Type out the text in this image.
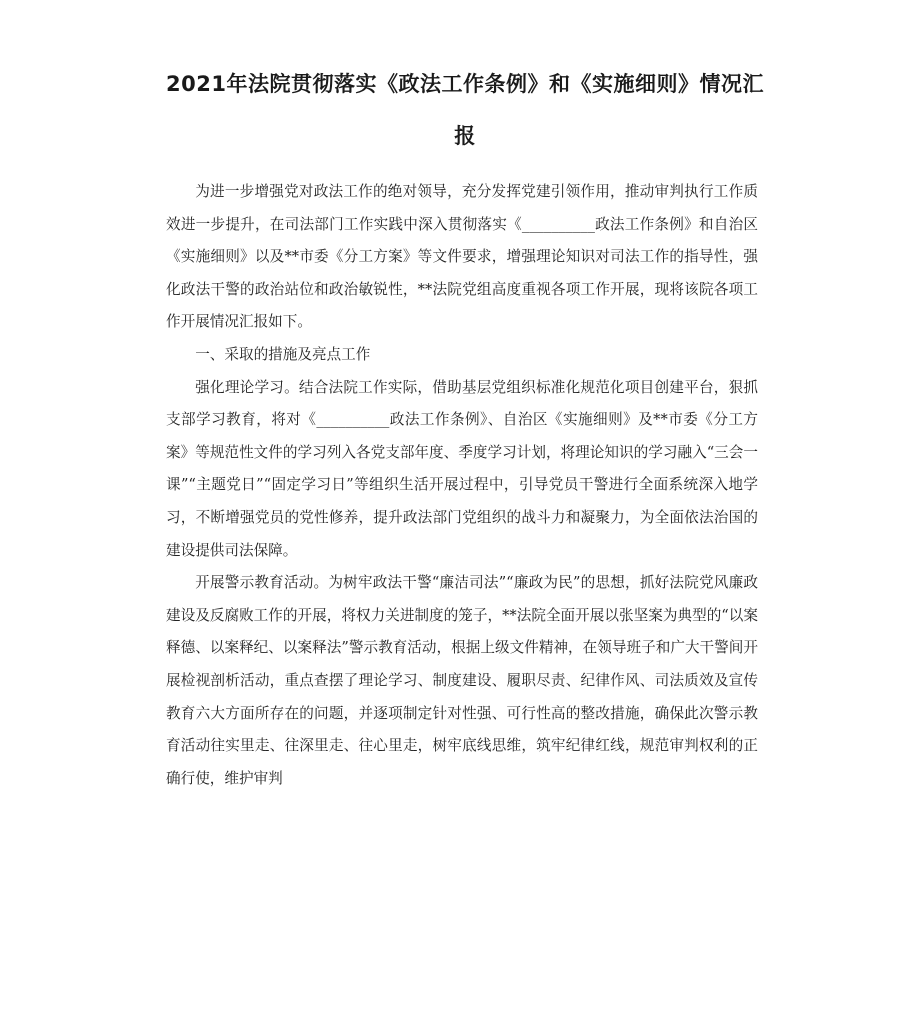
2021年法院贯彻落实《政法工作条例》和《实施细则》情况汇报

为进一步增强党对政法工作的绝对领导，充分发挥党建引领作用，推动审判执行工作质效进一步提升，在司法部门工作实践中深入贯彻落实《__________政法工作条例》和自治区《实施细则》以及**市委《分工方案》等文件要求，增强理论知识对司法工作的指导性，强化政法干警的政治站位和政治敏锐性，**法院党组高度重视各项工作开展，现将该院各项工作开展情况汇报如下。

一、采取的措施及亮点工作

强化理论学习。结合法院工作实际，借助基层党组织标准化规范化项目创建平台，狠抓支部学习教育，将对《__________政法工作条例》、自治区《实施细则》及**市委《分工方案》等规范性文件的学习列入各党支部年度、季度学习计划，将理论知识的学习融入“三会一课”“主题党日”“固定学习日”等组织生活开展过程中，引导党员干警进行全面系统深入地学习，不断增强党员的党性修养，提升政法部门党组织的战斗力和凝聚力，为全面依法治国的建设提供司法保障。

开展警示教育活动。为树牢政法干警“廉洁司法”“廉政为民”的思想，抓好法院党风廉政建设及反腐败工作的开展，将权力关进制度的笼子，**法院全面开展以张坚案为典型的“以案释德、以案释纪、以案释法”警示教育活动，根据上级文件精神，在领导班子和广大干警间开展检视剖析活动，重点查摆了理论学习、制度建设、履职尽责、纪律作风、司法质效及宣传教育六大方面所存在的问题，并逐项制定针对性强、可行性高的整改措施，确保此次警示教育活动往实里走、往深里走、往心里走，树牢底线思维，筑牢纪律红线，规范审判权利的正确行使，维护审判
